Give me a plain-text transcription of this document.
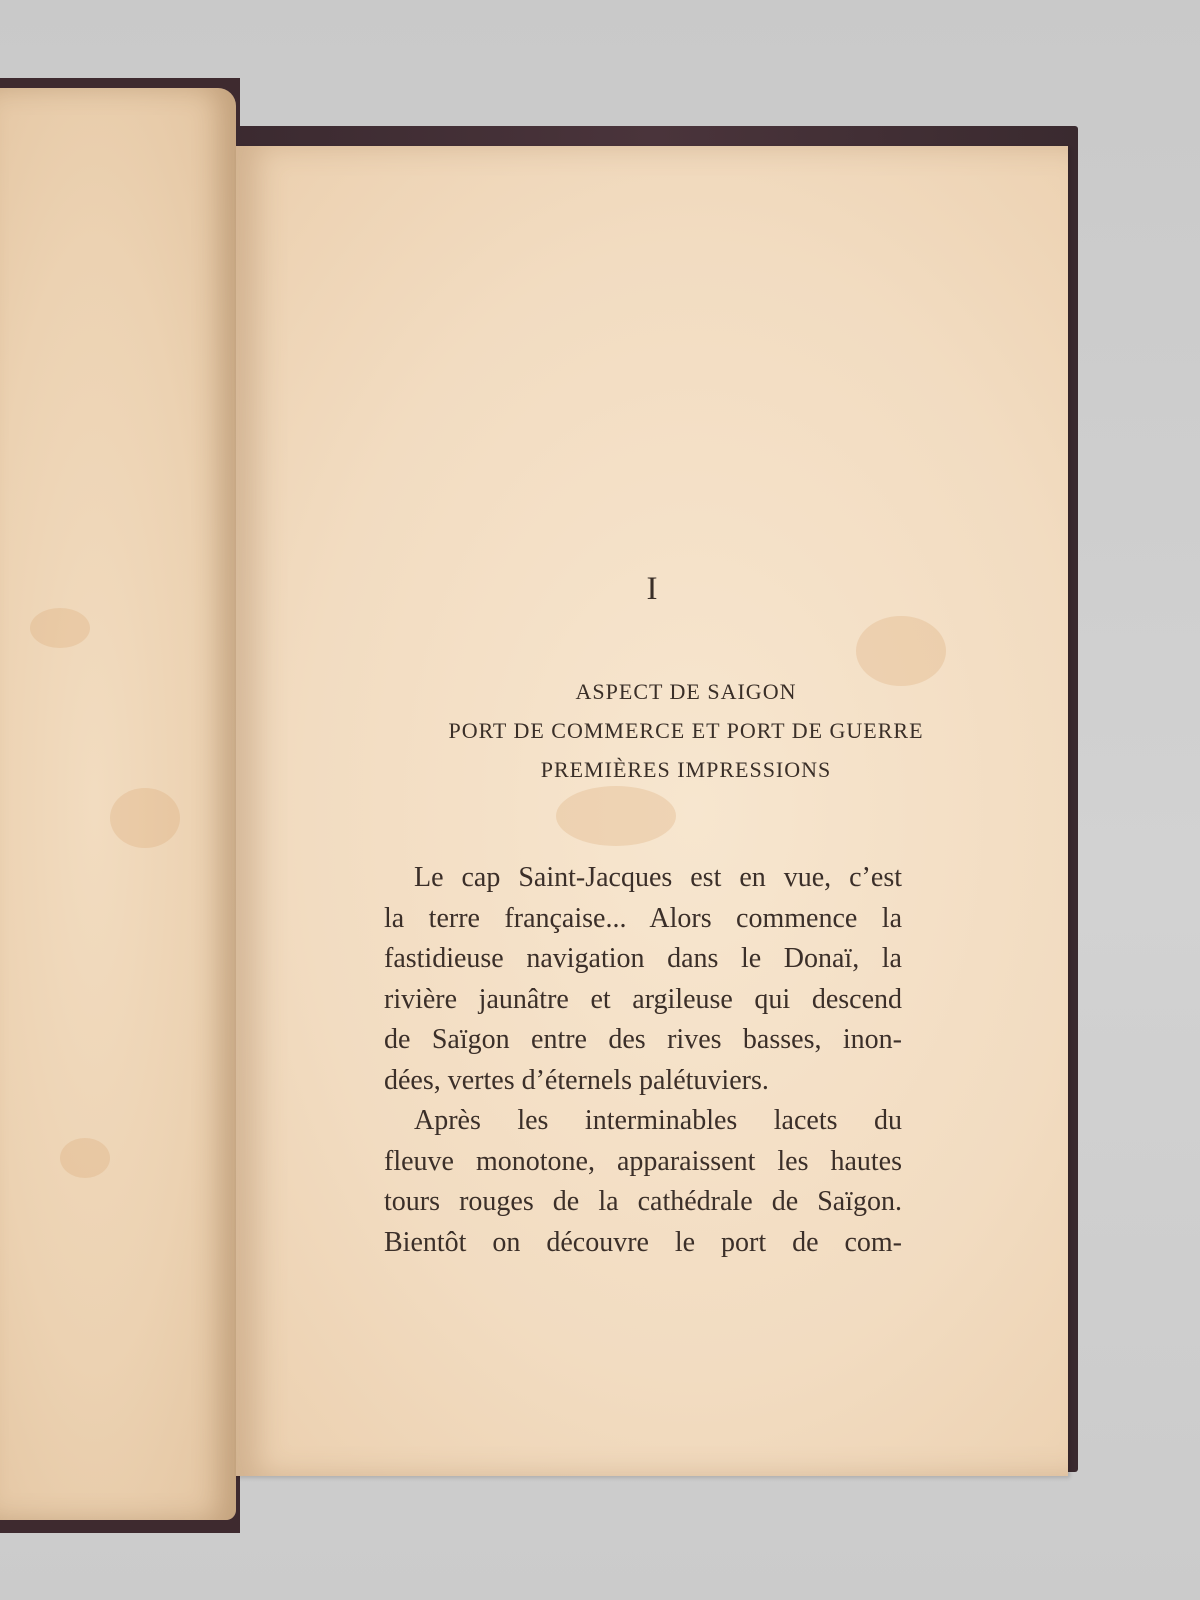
I
ASPECT DE SAIGON
PORT DE COMMERCE ET PORT DE GUERRE
PREMIÈRES IMPRESSIONS
Le cap Saint-Jacques est en vue, c’est
la terre française... Alors commence la
fastidieuse navigation dans le Donaï, la
rivière jaunâtre et argileuse qui descend
de Saïgon entre des rives basses, inon-
dées, vertes d’éternels palétuviers.
Après les interminables lacets du
fleuve monotone, apparaissent les hautes
tours rouges de la cathédrale de Saïgon.
Bientôt on découvre le port de com-
